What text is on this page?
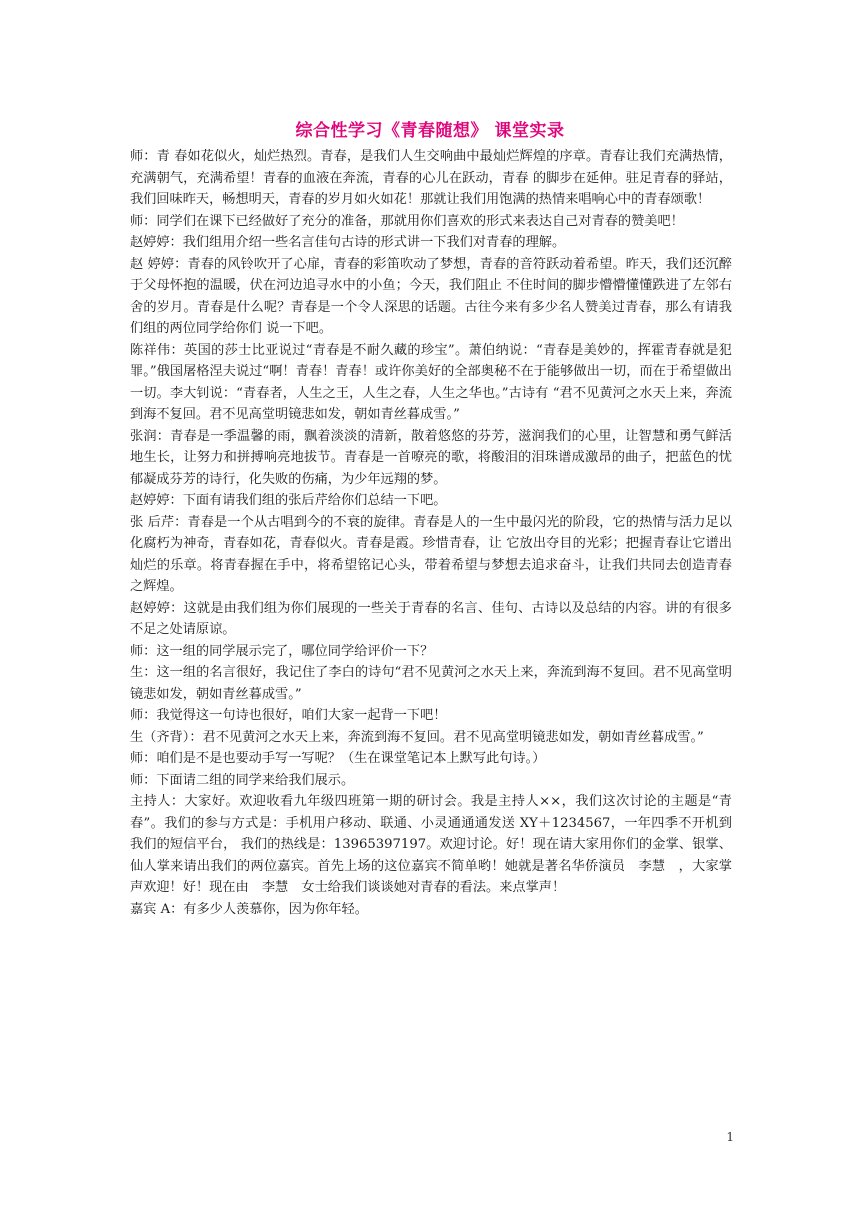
综合性学习《青春随想》 课堂实录

师：青 春如花似火，灿烂热烈。青春，是我们人生交响曲中最灿烂辉煌的序章。青春让我们充满热情，充满朝气，充满希望！青春的血液在奔流，青春的心儿在跃动，青春 的脚步在延伸。驻足青春的驿站，我们回味昨天，畅想明天，青春的岁月如火如花！那就让我们用饱满的热情来唱响心中的青春颂歌！

师：同学们在课下已经做好了充分的准备，那就用你们喜欢的形式来表达自己对青春的赞美吧！

赵婷婷：我们组用介绍一些名言佳句古诗的形式讲一下我们对青春的理解。

赵 婷婷：青春的风铃吹开了心扉，青春的彩笛吹动了梦想，青春的音符跃动着希望。昨天，我们还沉醉于父母怀抱的温暖，伏在河边追寻水中的小鱼；今天，我们阻止 不住时间的脚步懵懵懂懂跌进了左邻右舍的岁月。青春是什么呢？青春是一个令人深思的话题。古往今来有多少名人赞美过青春，那么有请我们组的两位同学给你们 说一下吧。

陈祥伟：英国的莎士比亚说过“青春是不耐久藏的珍宝”。萧伯纳说：“青春是美妙的，挥霍青春就是犯罪。”俄国屠格涅夫说过“啊！青春！青春！或许你美好的全部奥秘不在于能够做出一切，而在于希望做出一切。李大钊说：“青春者，人生之王，人生之春，人生之华也。”古诗有 “君不见黄河之水天上来，奔流到海不复回。君不见高堂明镜悲如发，朝如青丝暮成雪。”

张润：青春是一季温馨的雨，飘着淡淡的清新，散着悠悠的芬芳，滋润我们的心里，让智慧和勇气鲜活地生长，让努力和拼搏响亮地拔节。青春是一首嘹亮的歌，将酸泪的泪珠谱成激昂的曲子，把蓝色的忧郁凝成芬芳的诗行，化失败的伤痛，为少年远翔的梦。

赵婷婷：下面有请我们组的张后芹给你们总结一下吧。

张 后芹：青春是一个从古唱到今的不衰的旋律。青春是人的一生中最闪光的阶段，它的热情与活力足以化腐朽为神奇，青春如花，青春似火。青春是霞。珍惜青春，让 它放出夺目的光彩；把握青春让它谱出灿烂的乐章。将青春握在手中，将希望铭记心头，带着希望与梦想去追求奋斗，让我们共同去创造青春之辉煌。

赵婷婷：这就是由我们组为你们展现的一些关于青春的名言、佳句、古诗以及总结的内容。讲的有很多不足之处请原谅。

师：这一组的同学展示完了，哪位同学给评价一下？

生：这一组的名言很好，我记住了李白的诗句“君不见黄河之水天上来，奔流到海不复回。君不见高堂明镜悲如发，朝如青丝暮成雪。”

师：我觉得这一句诗也很好，咱们大家一起背一下吧！

生（齐背）：君不见黄河之水天上来，奔流到海不复回。君不见高堂明镜悲如发，朝如青丝暮成雪。”

师：咱们是不是也要动手写一写呢？（生在课堂笔记本上默写此句诗。）

师：下面请二组的同学来给我们展示。

主持人：大家好。欢迎收看九年级四班第一期的研讨会。我是主持人××，我们这次讨论的主题是“青春”。我们的参与方式是：手机用户移动、联通、小灵通通通发送 XY＋1234567，一年四季不开机到我们的短信平台， 我们的热线是：13965397197。欢迎讨论。好！现在请大家用你们的金掌、银掌、仙人掌来请出我们的两位嘉宾。首先上场的这位嘉宾不简单哟！她就是著名华侨演员　李慧　，大家掌声欢迎！好！现在由　李慧　女士给我们谈谈她对青春的看法。来点掌声！

嘉宾 A：有多少人羡慕你，因为你年轻。

1
